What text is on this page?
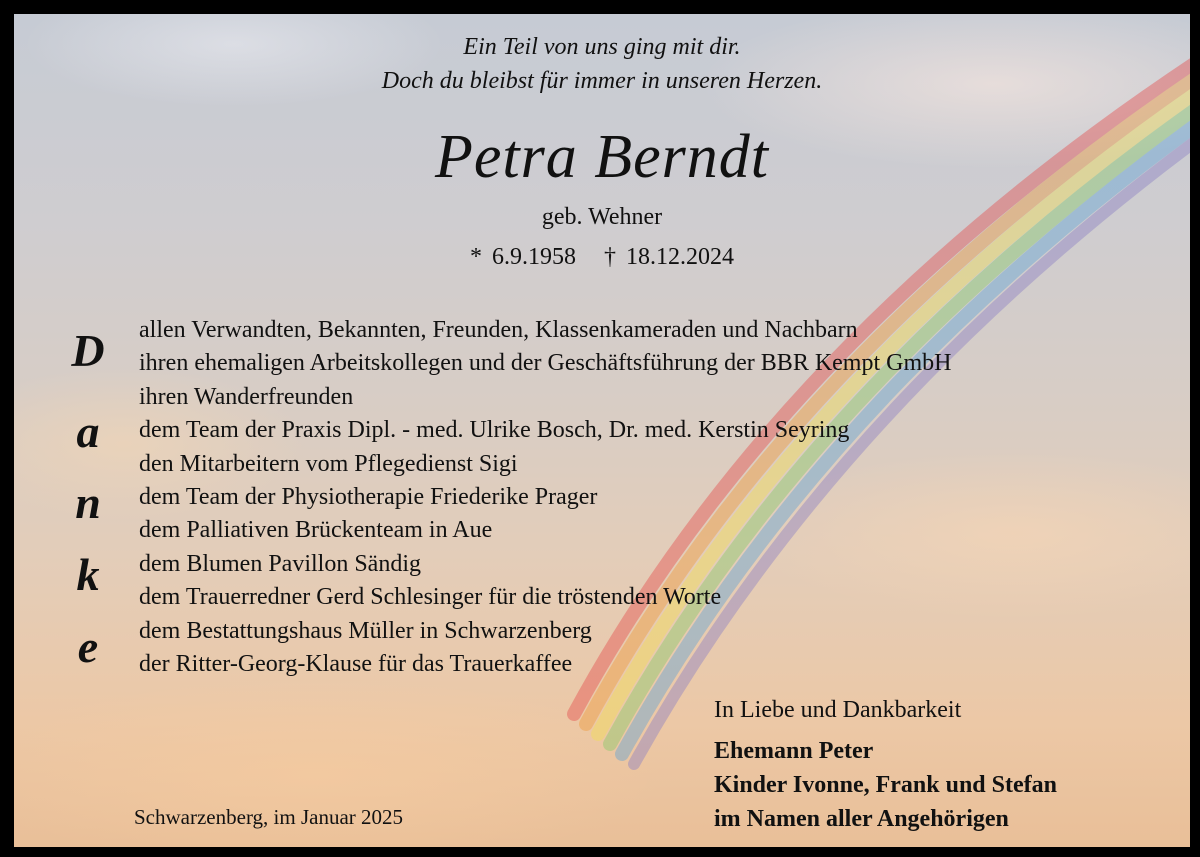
Ein Teil von uns ging mit dir.
Doch du bleibst für immer in unseren Herzen.
Petra Berndt
geb. Wehner
* 6.9.1958 † 18.12.2024
D
a
n
k
e
allen Verwandten, Bekannten, Freunden, Klassenkameraden und Nachbarn
ihren ehemaligen Arbeitskollegen und der Geschäftsführung der BBR Kempt GmbH
ihren Wanderfreunden
dem Team der Praxis Dipl. - med. Ulrike Bosch, Dr. med. Kerstin Seyring
den Mitarbeitern vom Pflegedienst Sigi
dem Team der Physiotherapie Friederike Prager
dem Palliativen Brückenteam in Aue
dem Blumen Pavillon Sändig
dem Trauerredner Gerd Schlesinger für die tröstenden Worte
dem Bestattungshaus Müller in Schwarzenberg
der Ritter-Georg-Klause für das Trauerkaffee
In Liebe und Dankbarkeit
Ehemann Peter
Kinder Ivonne, Frank und Stefan
im Namen aller Angehörigen
Schwarzenberg, im Januar 2025
